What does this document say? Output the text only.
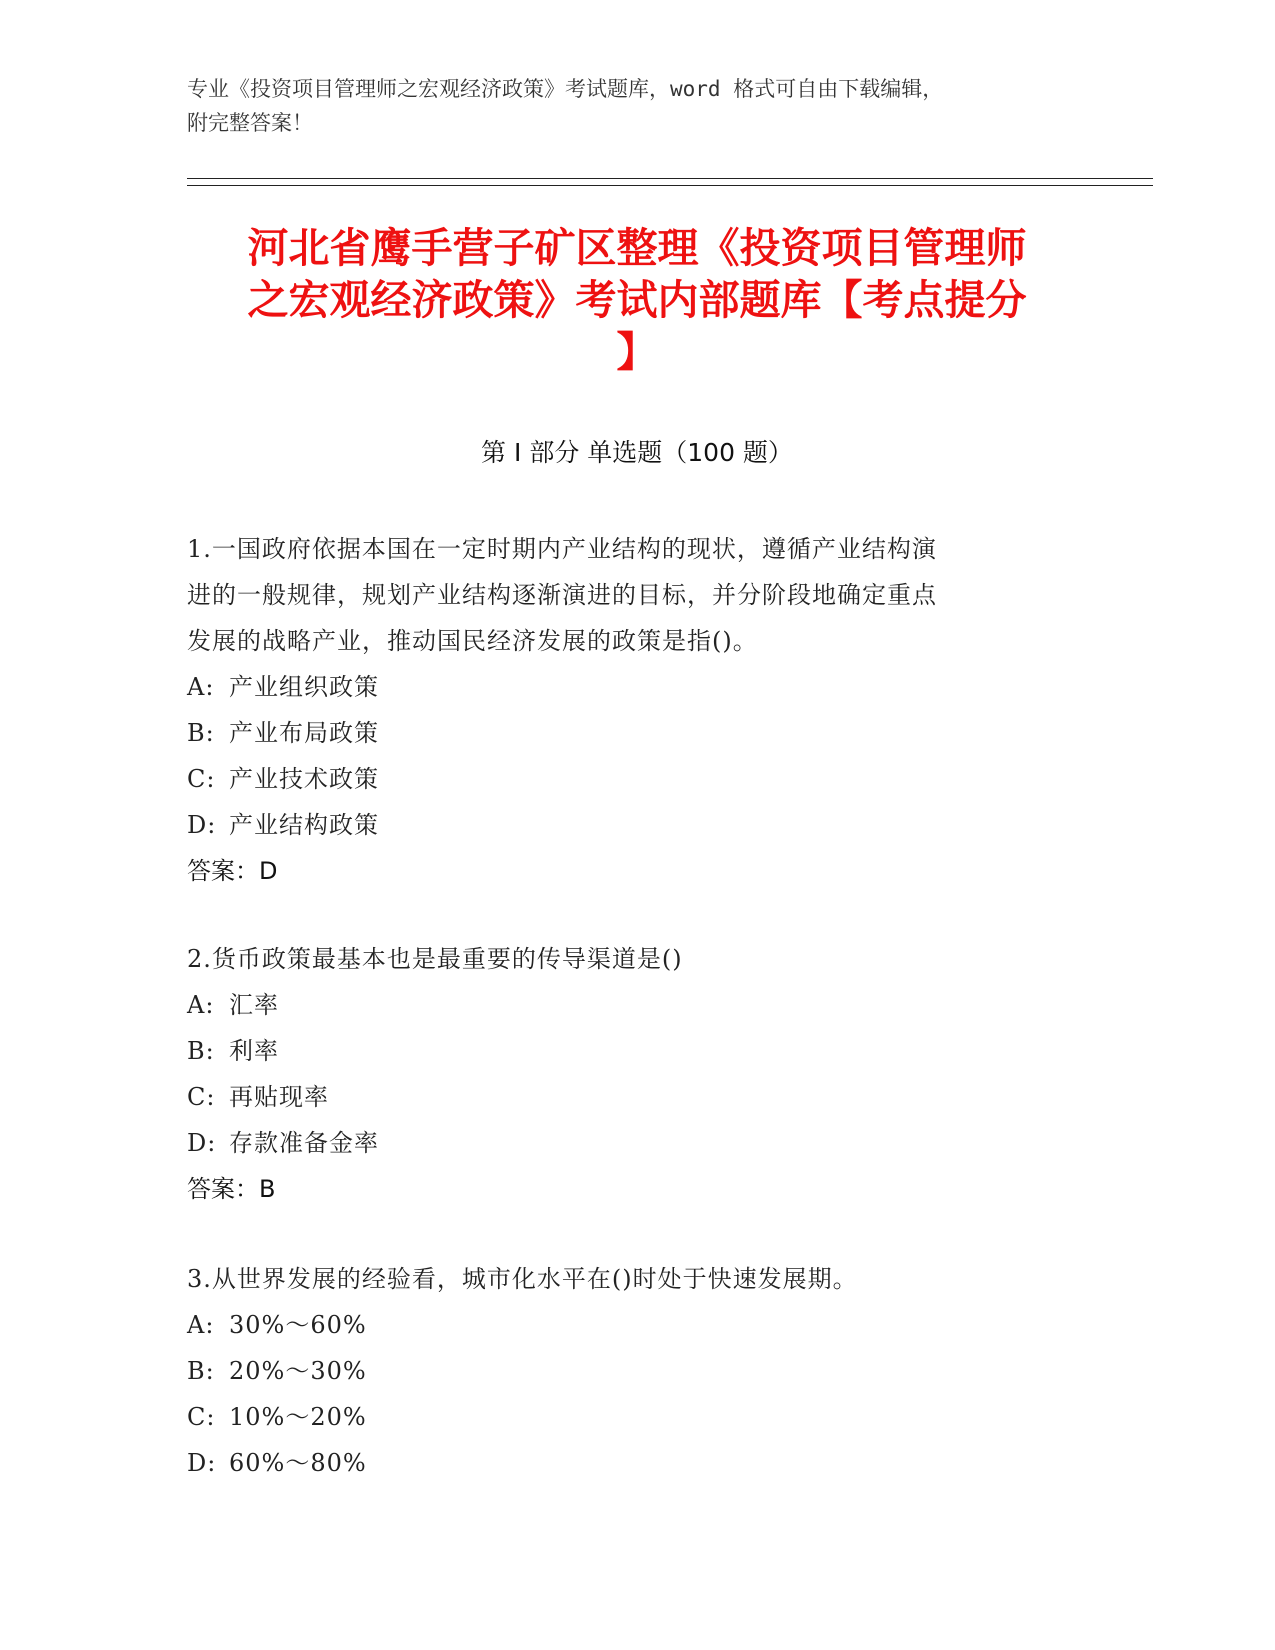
专业《投资项目管理师之宏观经济政策》考试题库，word 格式可自由下载编辑，
附完整答案！
河北省鹰手营子矿区整理《投资项目管理师
之宏观经济政策》考试内部题库【考点提分
】
第 I 部分 单选题（100 题）
1.一国政府依据本国在一定时期内产业结构的现状，遵循产业结构演
进的一般规律，规划产业结构逐渐演进的目标，并分阶段地确定重点
发展的战略产业，推动国民经济发展的政策是指()。
A: 产业组织政策
B: 产业布局政策
C: 产业技术政策
D: 产业结构政策
答案：D
2.货币政策最基本也是最重要的传导渠道是()
A: 汇率
B: 利率
C: 再贴现率
D: 存款准备金率
答案：B
3.从世界发展的经验看，城市化水平在()时处于快速发展期。
A: 30%～60%
B: 20%～30%
C: 10%～20%
D: 60%～80%
